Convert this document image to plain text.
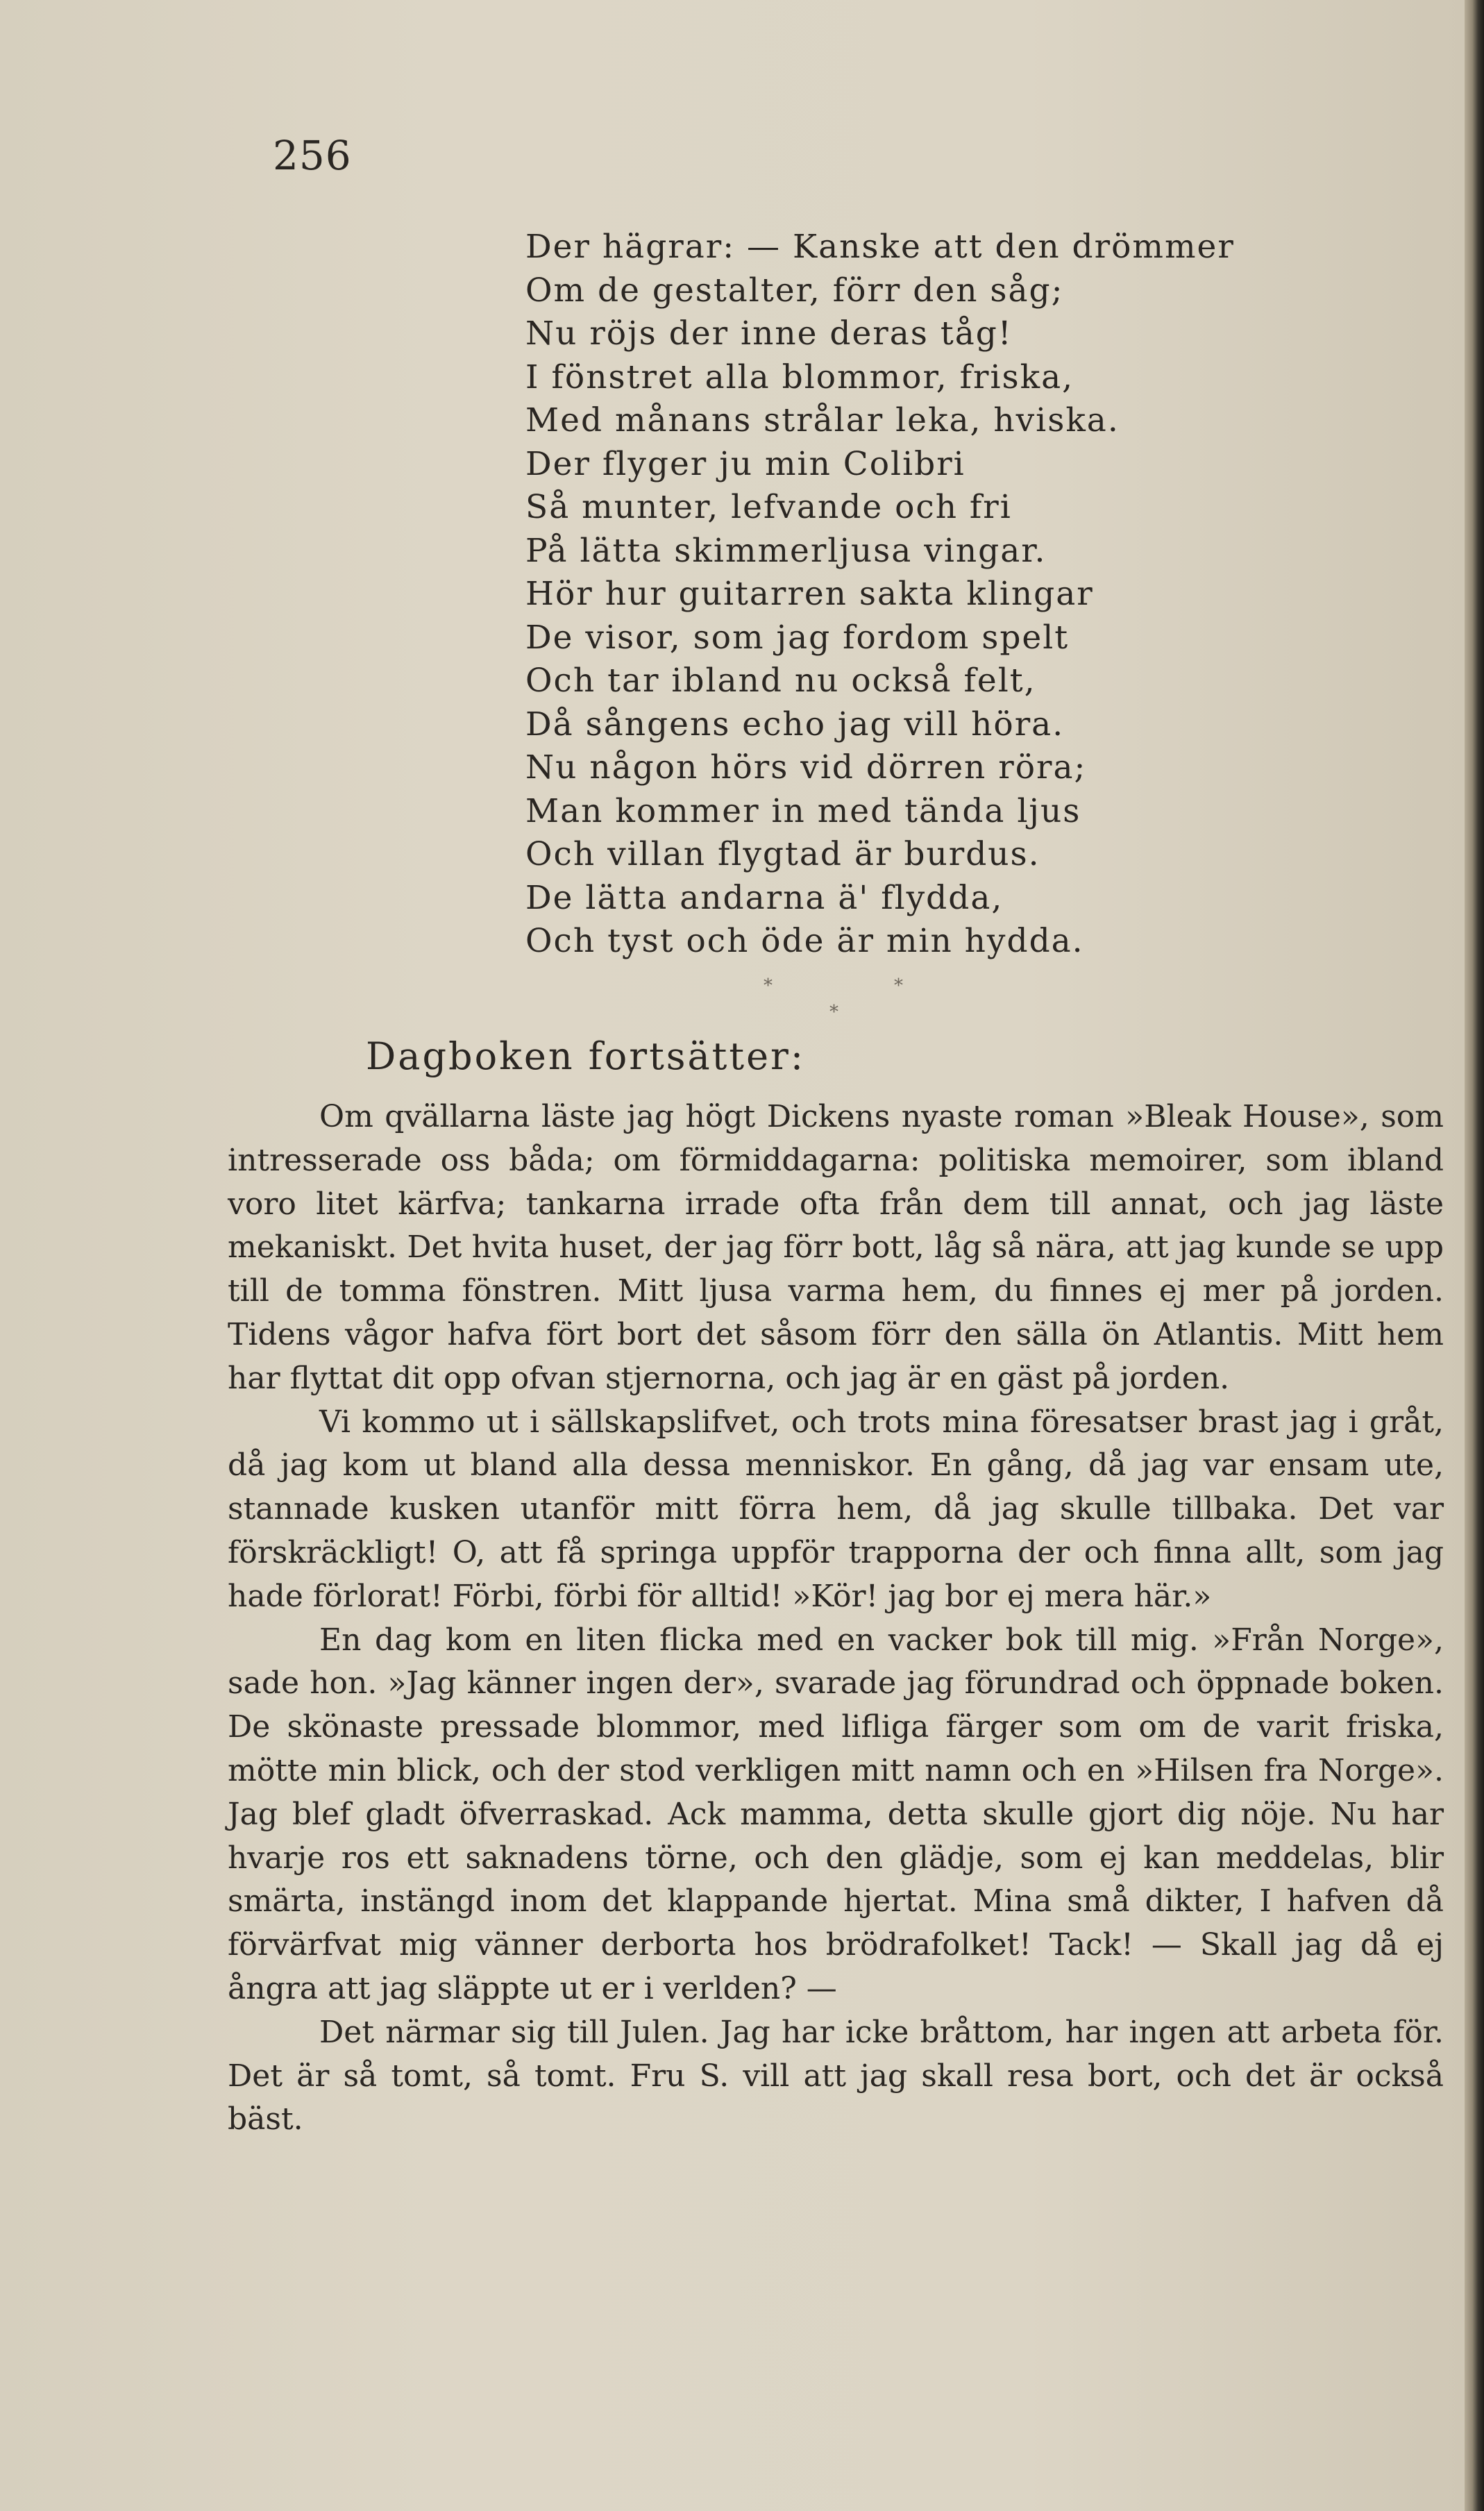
256
Der hägrar: — Kanske att den drömmer
Om de gestalter, förr den såg;
Nu röjs der inne deras tåg!
I fönstret alla blommor, friska,
Med månans strålar leka, hviska.
Der flyger ju min Colibri
Så munter, lefvande och fri
På lätta skimmerljusa vingar.
Hör hur guitarren sakta klingar
De visor, som jag fordom spelt
Och tar ibland nu också felt,
Då sångens echo jag vill höra.
Nu någon hörs vid dörren röra;
Man kommer in med tända ljus
Och villan flygtad är burdus.
De lätta andarna ä' flydda,
Och tyst och öde är min hydda.
*	*
*
Dagboken fortsätter:

Om qvällarna läste jag högt Dickens nyaste roman »Bleak House», som intresserade oss båda; om förmiddagarna: politiska memoirer, som ibland voro litet kärfva; tankarna irrade ofta från dem till annat, och jag läste mekaniskt. Det hvita huset, der jag förr bott, låg så nära, att jag kunde se upp till de tomma fönstren. Mitt ljusa varma hem, du finnes ej mer på jorden. Tidens vågor hafva fört bort det såsom förr den sälla ön Atlantis. Mitt hem har flyttat dit opp ofvan stjernorna, och jag är en gäst på jorden.

Vi kommo ut i sällskapslifvet, och trots mina föresatser brast jag i gråt, då jag kom ut bland alla dessa menniskor. En gång, då jag var ensam ute, stannade kusken utanför mitt förra hem, då jag skulle tillbaka. Det var förskräckligt! O, att få springa uppför trapporna der och finna allt, som jag hade förlorat! Förbi, förbi för alltid! »Kör! jag bor ej mera här.»

En dag kom en liten flicka med en vacker bok till mig. »Från Norge», sade hon. »Jag känner ingen der», svarade jag förundrad och öppnade boken. De skönaste pressade blommor, med lifliga färger som om de varit friska, mötte min blick, och der stod verkligen mitt namn och en »Hilsen fra Norge». Jag blef gladt öfverraskad. Ack mamma, detta skulle gjort dig nöje. Nu har hvarje ros ett saknadens törne, och den glädje, som ej kan meddelas, blir smärta, instängd inom det klappande hjertat. Mina små dikter, I hafven då förvärfvat mig vänner derborta hos brödrafolket! Tack! — Skall jag då ej ångra att jag släppte ut er i verlden? —

Det närmar sig till Julen. Jag har icke bråttom, har ingen att arbeta för. Det är så tomt, så tomt. Fru S. vill att jag skall resa bort, och det är också bäst.
